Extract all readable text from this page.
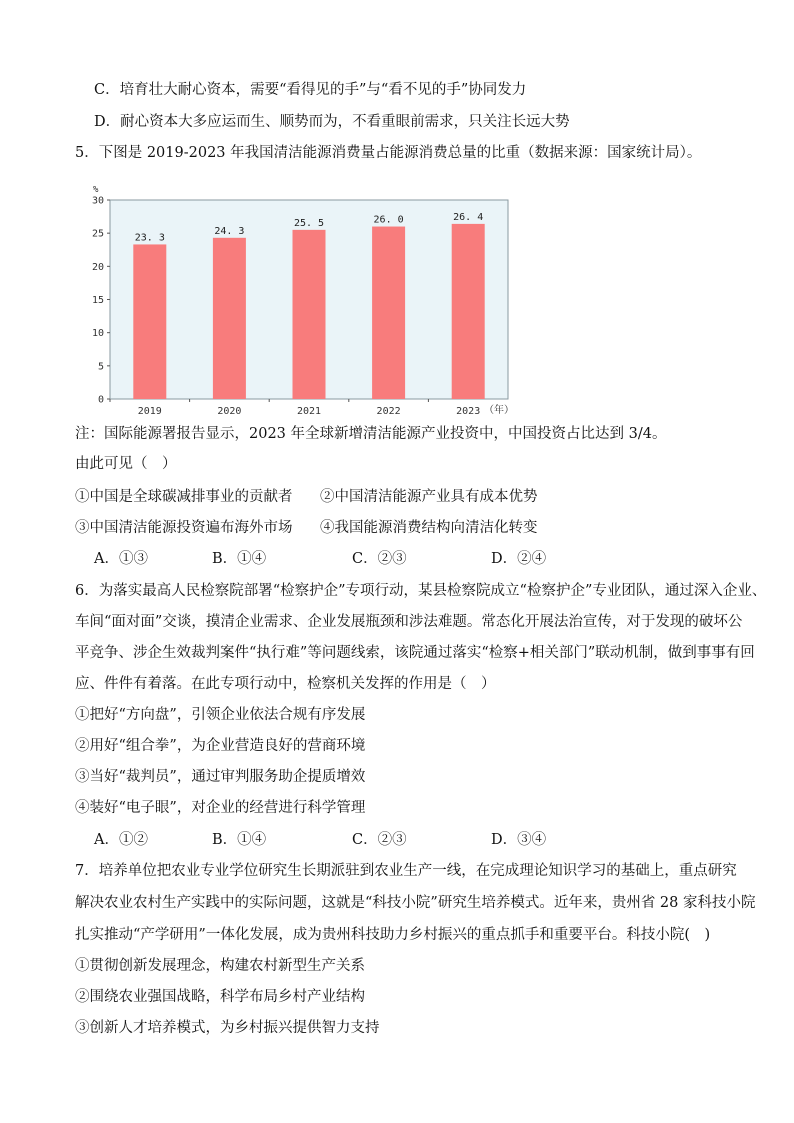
C．培育壮大耐心资本，需要“看得见的手”与“看不见的手”协同发力
D．耐心资本大多应运而生、顺势而为，不看重眼前需求，只关注长远大势
5．下图是 2019-2023 年我国清洁能源消费量占能源消费总量的比重（数据来源：国家统计局）。
0
5
10
15
20
25
30
23. 3
24. 3
25. 5	26. 0	26. 4
2019	2020	2021	2022	2023
%
（年）
注：国际能源署报告显示，2023 年全球新增清洁能源产业投资中，中国投资占比达到 3/4。
由此可见（　）
①中国是全球碳减排事业的贡献者 ②中国清洁能源产业具有成本优势
③中国清洁能源投资遍布海外市场 ④我国能源消费结构向清洁化转变
A．①③	B．①④	C．②③	D．②④
6．为落实最高人民检察院部署“检察护企”专项行动，某县检察院成立“检察护企”专业团队，通过深入企业、
车间“面对面”交谈，摸清企业需求、企业发展瓶颈和涉法难题。常态化开展法治宣传，对于发现的破坏公
平竞争、涉企生效裁判案件“执行难”等问题线索，该院通过落实“检察+相关部门”联动机制，做到事事有回
应、件件有着落。在此专项行动中，检察机关发挥的作用是（　）
①把好“方向盘”，引领企业依法合规有序发展
②用好“组合拳”，为企业营造良好的营商环境
③当好“裁判员”，通过审判服务助企提质增效
④装好“电子眼”，对企业的经营进行科学管理
A．①②	B．①④	C．②③	D．③④
7．培养单位把农业专业学位研究生长期派驻到农业生产一线，在完成理论知识学习的基础上，重点研究
解决农业农村生产实践中的实际问题，这就是“科技小院”研究生培养模式。近年来，贵州省 28 家科技小院
扎实推动“产学研用”一体化发展，成为贵州科技助力乡村振兴的重点抓手和重要平台。科技小院(　)
①贯彻创新发展理念，构建农村新型生产关系
②围绕农业强国战略，科学布局乡村产业结构
③创新人才培养模式，为乡村振兴提供智力支持
